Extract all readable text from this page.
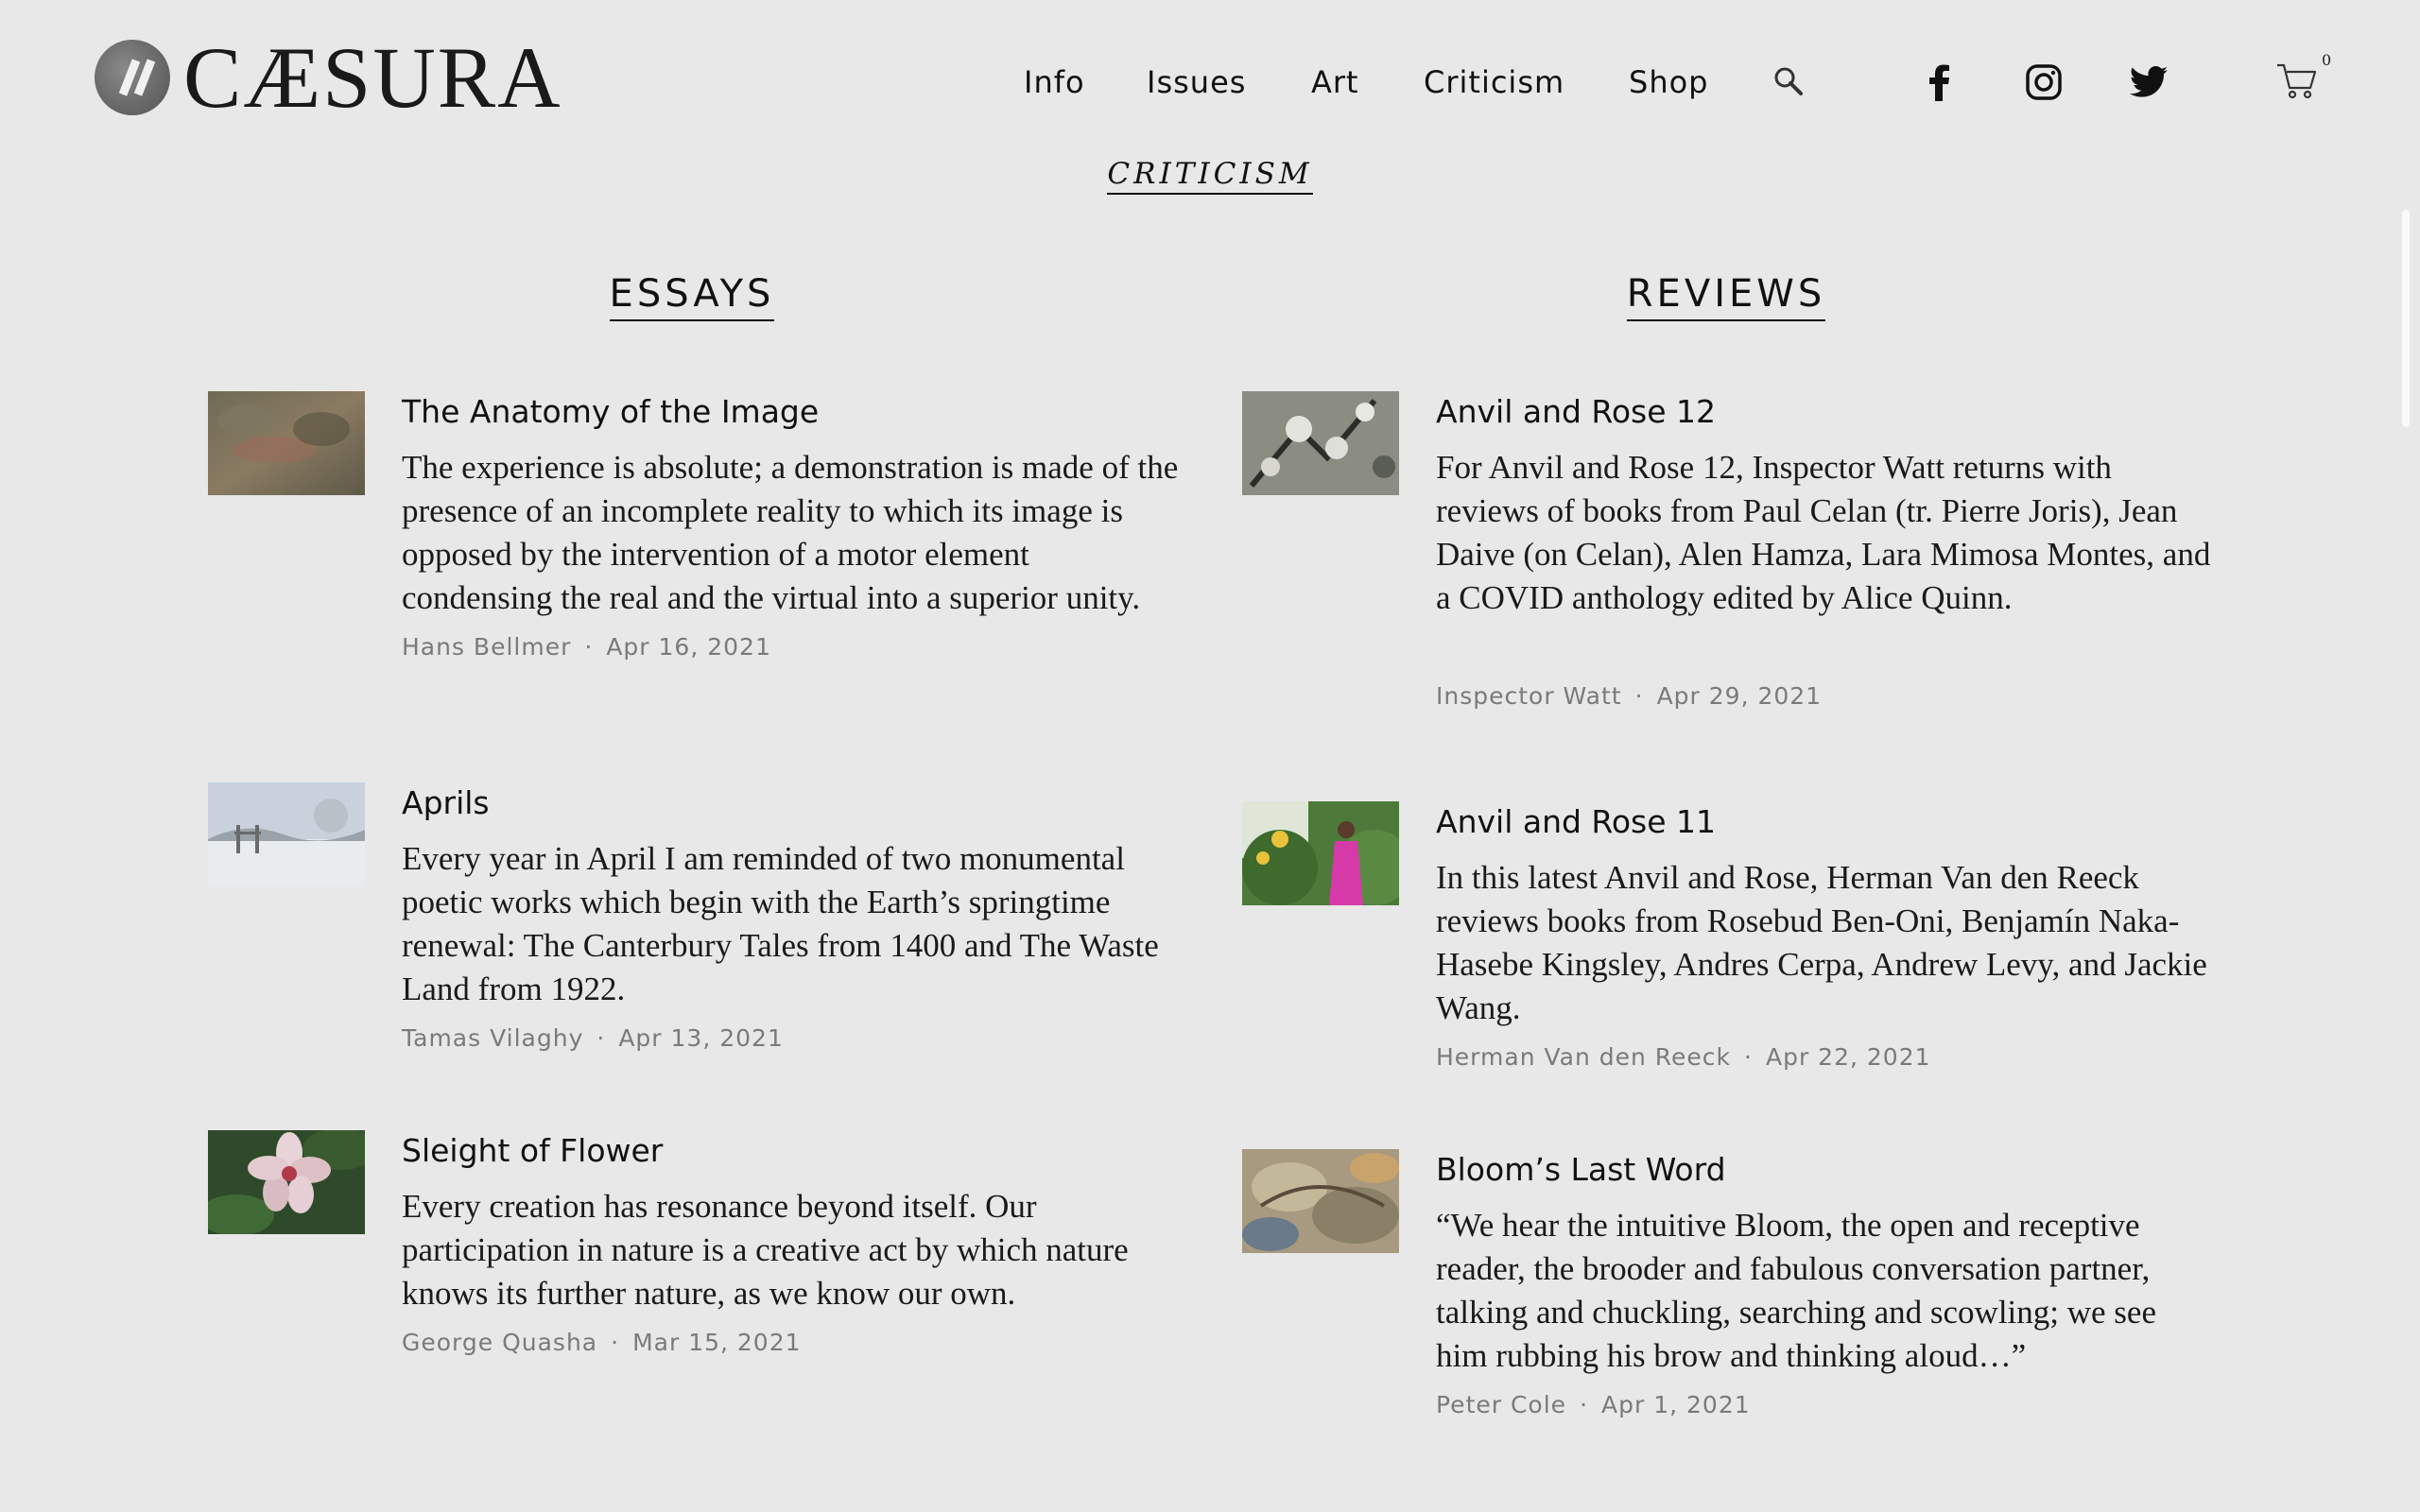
CÆSURA	Info Issues Art Criticism Shop
0
CRITICISM
ESSAYS	REVIEWS
The Anatomy of the Image

The experience is absolute; a demonstration is made of the presence of an incomplete reality to which its image is opposed by the intervention of a motor element condensing the real and the virtual into a superior unity.

Hans Bellmer · Apr 16, 2021
Aprils

Every year in April I am reminded of two monumental poetic works which begin with the Earth’s springtime renewal: The Canterbury Tales from 1400 and The Waste Land from 1922.

Tamas Vilaghy · Apr 13, 2021
Sleight of Flower

Every creation has resonance beyond itself. Our participation in nature is a creative act by which nature knows its further nature, as we know our own.

George Quasha · Mar 15, 2021
Anvil and Rose 12

For Anvil and Rose 12, Inspector Watt returns with reviews of books from Paul Celan (tr. Pierre Joris), Jean Daive (on Celan), Alen Hamza, Lara Mimosa Montes, and a COVID anthology edited by Alice Quinn.

Inspector Watt · Apr 29, 2021
Anvil and Rose 11

In this latest Anvil and Rose, Herman Van den Reeck reviews books from Rosebud Ben-Oni, Benjamín Naka-Hasebe Kingsley, Andres Cerpa, Andrew Levy, and Jackie Wang.

Herman Van den Reeck · Apr 22, 2021
Bloom’s Last Word

“We hear the intuitive Bloom, the open and receptive reader, the brooder and fabulous conversation partner, talking and chuckling, searching and scowling; we see him rubbing his brow and thinking aloud…”

Peter Cole · Apr 1, 2021
